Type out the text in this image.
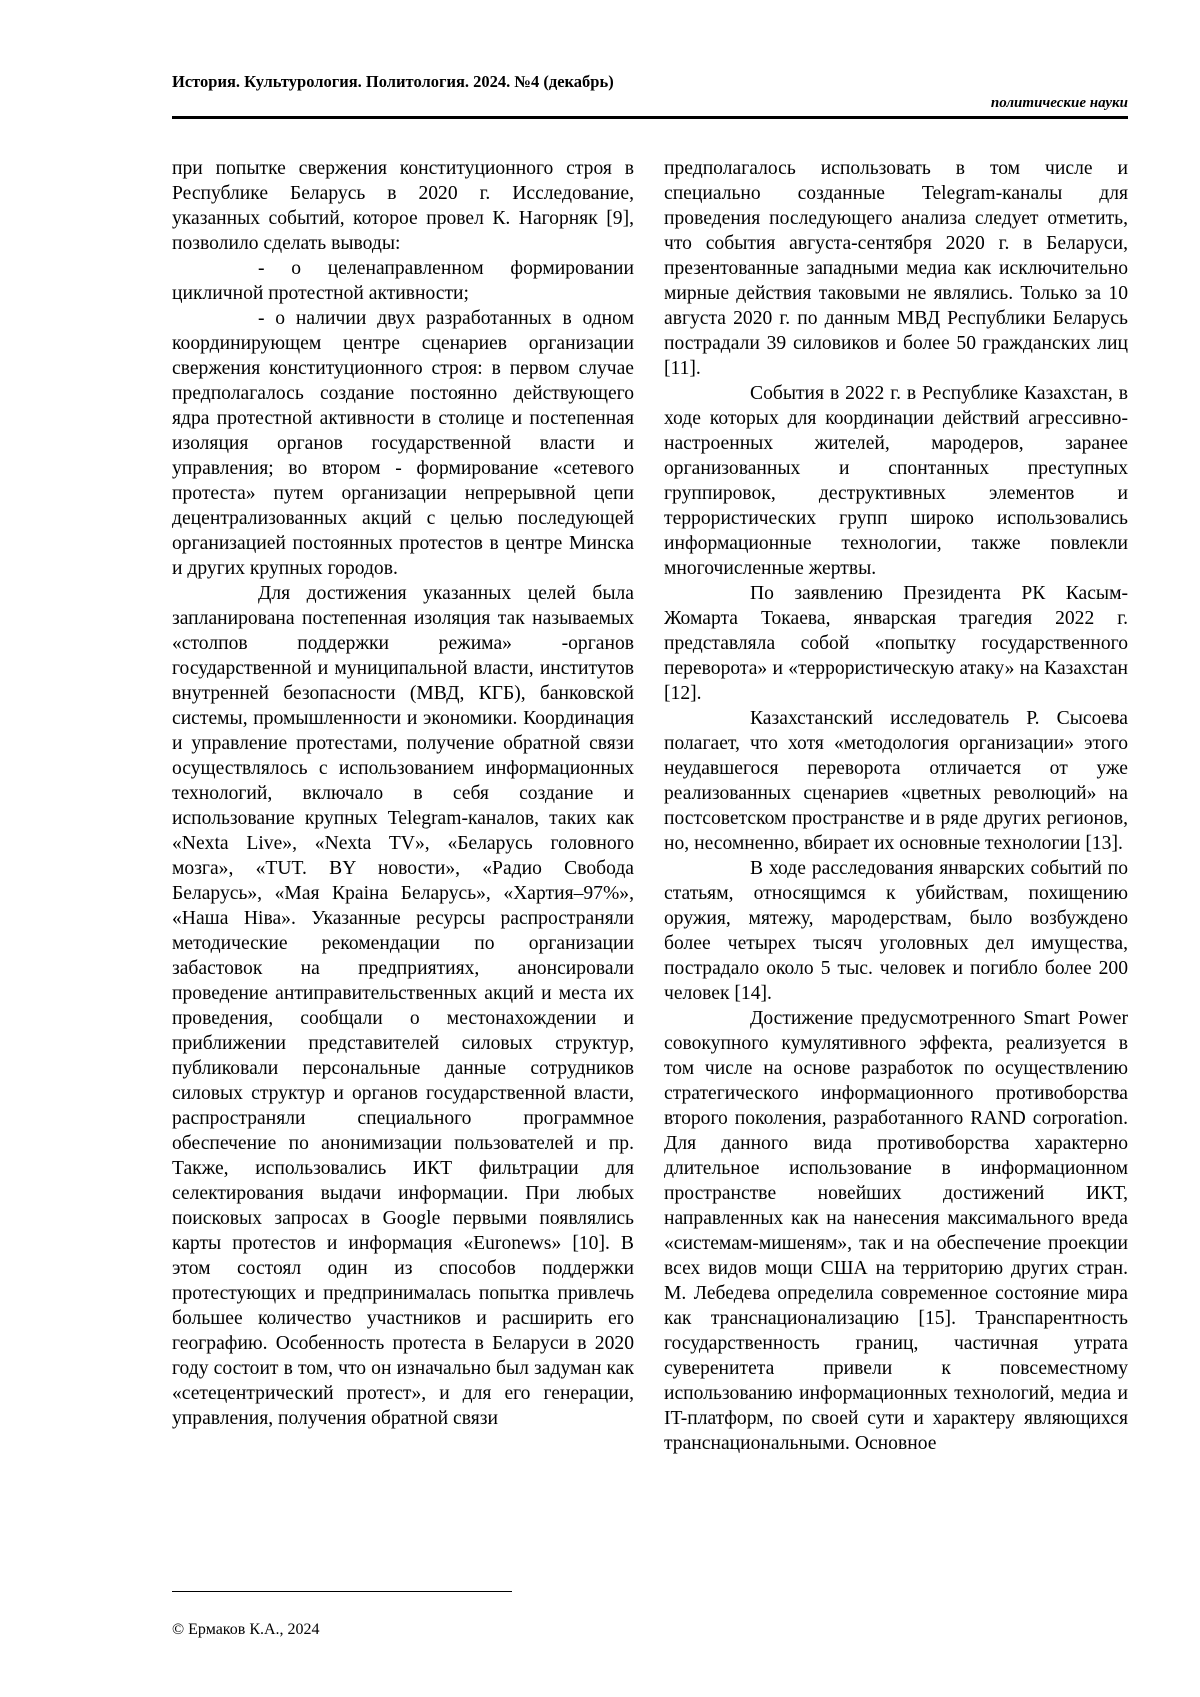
История. Культурология. Политология. 2024. №4 (декабрь)
политические науки

при попытке свержения конституционного строя в Республике Беларусь в 2020 г. Исследование, указанных событий, которое провел К. Нагорняк [9], позволило сделать выводы:

- о целенаправленном формировании цикличной протестной активности;

- о наличии двух разработанных в одном координирующем центре сценариев организации свержения конституционного строя: в первом случае предполагалось создание постоянно действующего ядра протестной активности в столице и постепенная изоляция органов государственной власти и управления; во втором - формирование «сетевого протеста» путем организации непрерывной цепи децентрализованных акций с целью последующей организацией постоянных протестов в центре Минска и других крупных городов.

Для достижения указанных целей была запланирована постепенная изоляция так называемых «столпов поддержки режима» -органов государственной и муниципальной власти, институтов внутренней безопасности (МВД, КГБ), банковской системы, промышленности и экономики. Координация и управление протестами, получение обратной связи осуществлялось с использованием информационных технологий, включало в себя создание и использование крупных Telegram-каналов, таких как «Nexta Live», «Nexta TV», «Беларусь головного мозга», «TUT. BY новости», «Радио Свобода Беларусь», «Мая Краіна Беларусь», «Хартия–97%», «Наша Ніва». Указанные ресурсы распространяли методические рекомендации по организации забастовок на предприятиях, анонсировали проведение антиправительственных акций и места их проведения, сообщали о местонахождении и приближении представителей силовых структур, публиковали персональные данные сотрудников силовых структур и органов государственной власти, распространяли специального программное обеспечение по анонимизации пользователей и пр. Также, использовались ИКТ фильтрации для селектирования выдачи информации. При любых поисковых запросах в Google первыми появлялись карты протестов и информация «Euronews» [10]. В этом состоял один из способов поддержки протестующих и предпринималась попытка привлечь большее количество участников и расширить его географию. Особенность протеста в Беларуси в 2020 году состоит в том, что он изначально был задуман как «сетецентрический протест», и для его генерации, управления, получения обратной связи

предполагалось использовать в том числе и специально созданные Telegram-каналы для проведения последующего анализа следует отметить, что события августа-сентября 2020 г. в Беларуси, презентованные западными медиа как исключительно мирные действия таковыми не являлись. Только за 10 августа 2020 г. по данным МВД Республики Беларусь пострадали 39 силовиков и более 50 гражданских лиц [11].

События в 2022 г. в Республике Казахстан, в ходе которых для координации действий агрессивно-настроенных жителей, мародеров, заранее организованных и спонтанных преступных группировок, деструктивных элементов и террористических групп широко использовались информационные технологии, также повлекли многочисленные жертвы.

По заявлению Президента РК Касым-Жомарта Токаева, январская трагедия 2022 г. представляла собой «попытку государственного переворота» и «террористическую атаку» на Казахстан [12].

Казахстанский исследователь Р. Сысоева полагает, что хотя «методология организации» этого неудавшегося переворота отличается от уже реализованных сценариев «цветных революций» на постсоветском пространстве и в ряде других регионов, но, несомненно, вбирает их основные технологии [13].

В ходе расследования январских событий по статьям, относящимся к убийствам, похищению оружия, мятежу, мародерствам, было возбуждено более четырех тысяч уголовных дел имущества, пострадало около 5 тыс. человек и погибло более 200 человек [14].

Достижение предусмотренного Smart Power совокупного кумулятивного эффекта, реализуется в том числе на основе разработок по осуществлению стратегического информационного противоборства второго поколения, разработанного RAND corporation. Для данного вида противоборства характерно длительное использование в информационном пространстве новейших достижений ИКТ, направленных как на нанесения максимального вреда «системам-мишеням», так и на обеспечение проекции всех видов мощи США на территорию других стран. М. Лебедева определила современное состояние мира как транснационализацию [15]. Транспарентность государственность границ, частичная утрата суверенитета привели к повсеместному использованию информационных технологий, медиа и IT-платформ, по своей сути и характеру являющихся транснациональными. Основное

© Ермаков К.А., 2024
